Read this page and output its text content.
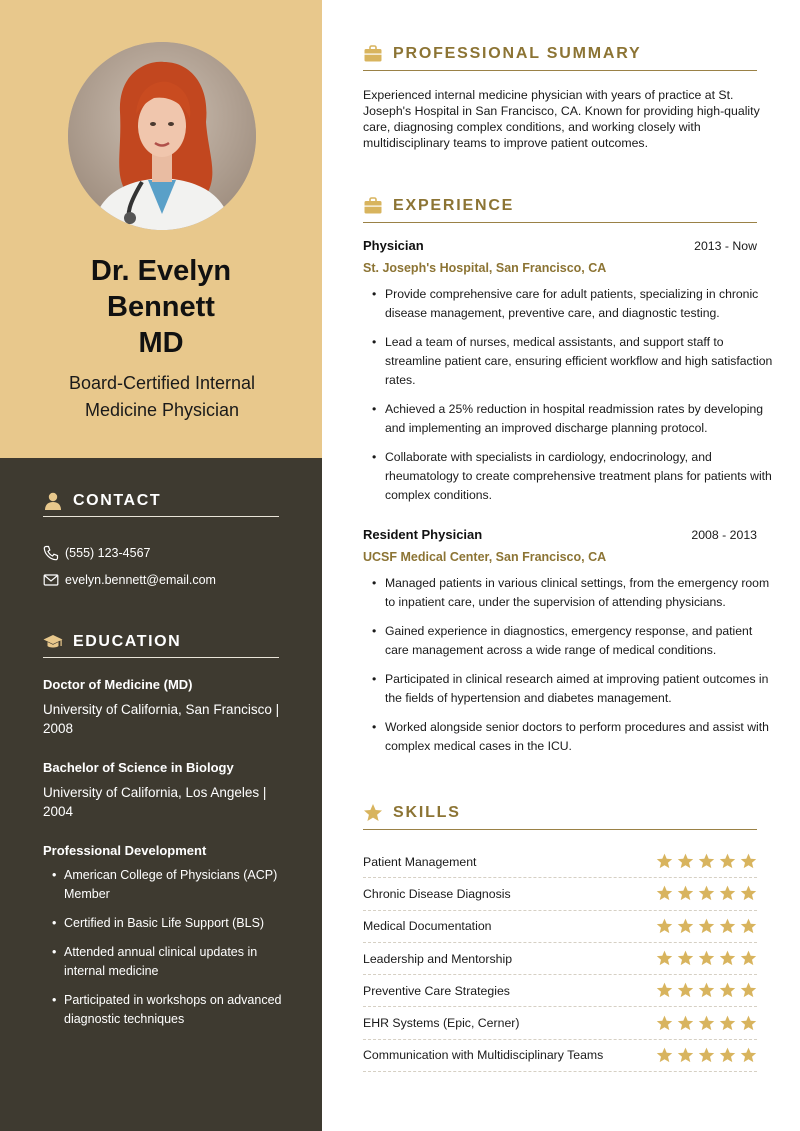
Dr. Evelyn
Bennett
MD
Board-Certified Internal Medicine Physician
CONTACT
(555) 123-4567
evelyn.bennett@email.com
EDUCATION
Doctor of Medicine (MD)
University of California, San Francisco | 2008
Bachelor of Science in Biology
University of California, Los Angeles | 2004
Professional Development
• American College of Physicians (ACP) Member
• Certified in Basic Life Support (BLS)
• Attended annual clinical updates in internal medicine
• Participated in workshops on advanced diagnostic techniques
PROFESSIONAL SUMMARY
Experienced internal medicine physician with years of practice at St. Joseph's Hospital in San Francisco, CA. Known for providing high-quality care, diagnosing complex conditions, and working closely with multidisciplinary teams to improve patient outcomes.
EXPERIENCE
Physician	2013 - Now
St. Joseph's Hospital, San Francisco, CA
• Provide comprehensive care for adult patients, specializing in chronic disease management, preventive care, and diagnostic testing.
• Lead a team of nurses, medical assistants, and support staff to streamline patient care, ensuring efficient workflow and high satisfaction rates.
• Achieved a 25% reduction in hospital readmission rates by developing and implementing an improved discharge planning protocol.
• Collaborate with specialists in cardiology, endocrinology, and rheumatology to create comprehensive treatment plans for patients with complex conditions.
Resident Physician	2008 - 2013
UCSF Medical Center, San Francisco, CA
• Managed patients in various clinical settings, from the emergency room to inpatient care, under the supervision of attending physicians.
• Gained experience in diagnostics, emergency response, and patient care management across a wide range of medical conditions.
• Participated in clinical research aimed at improving patient outcomes in the fields of hypertension and diabetes management.
• Worked alongside senior doctors to perform procedures and assist with complex medical cases in the ICU.
SKILLS
Patient Management
Chronic Disease Diagnosis
Medical Documentation
Leadership and Mentorship
Preventive Care Strategies
EHR Systems (Epic, Cerner)
Communication with Multidisciplinary Teams
